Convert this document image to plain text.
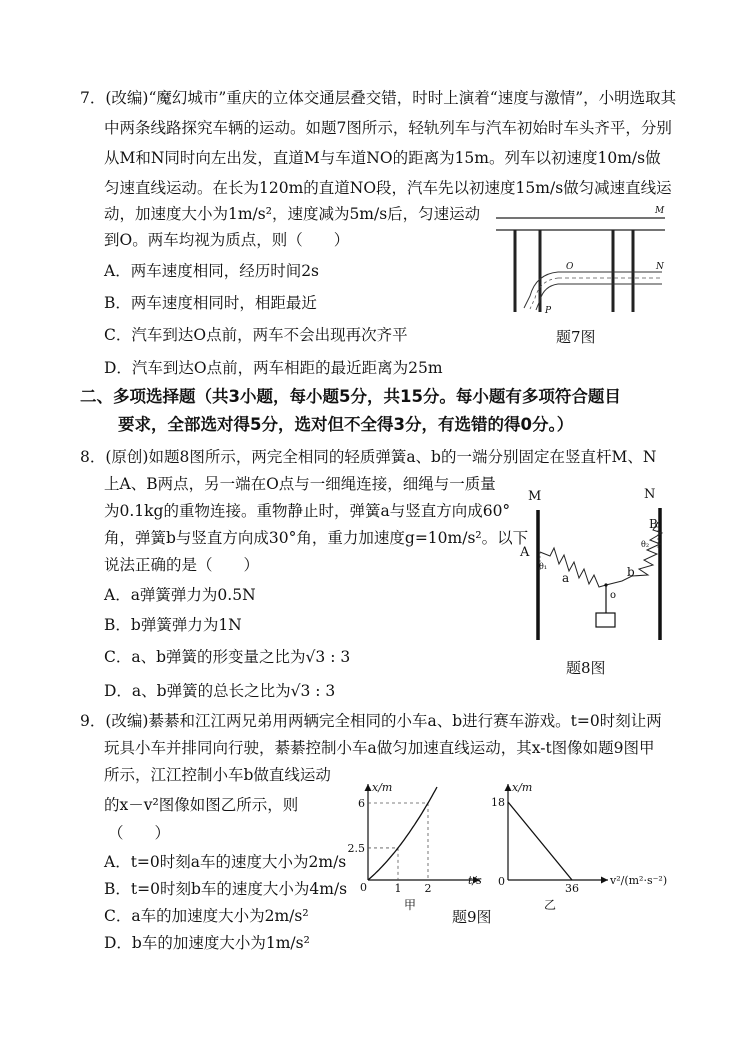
7．(改编)“魔幻城市”重庆的立体交通层叠交错，时时上演着“速度与激情”，小明选取其
中两条线路探究车辆的运动。如题7图所示，轻轨列车与汽车初始时车头齐平，分别
从M和N同时向左出发，直道M与车道NO的距离为15m。列车以初速度10m/s做
匀速直线运动。在长为120m的直道NO段，汽车先以初速度15m/s做匀减速直线运
动，加速度大小为1m/s²，速度减为5m/s后，匀速运动
到O。两车均视为质点，则（　　）
A．两车速度相同，经历时间2s
B．两车速度相同时，相距最近
C．汽车到达O点前，两车不会出现再次齐平
D．汽车到达O点前，两车相距的最近距离为25m
M
O	N
P
题7图
二、多项选择题（共3小题，每小题5分，共15分。每小题有多项符合题目
要求，全部选对得5分，选对但不全得3分，有选错的得0分。）
8．(原创)如题8图所示，两完全相同的轻质弹簧a、b的一端分别固定在竖直杆M、N
上A、B两点，另一端在O点与一细绳连接，细绳与一质量
为0.1kg的重物连接。重物静止时，弹簧a与竖直方向成60°
角，弹簧b与竖直方向成30°角，重力加速度g=10m/s²。以下
说法正确的是（　　）
A．a弹簧弹力为0.5N
B．b弹簧弹力为1N
C．a、b弹簧的形变量之比为√3 : 3
D．a、b弹簧的总长之比为√3 : 3
M	N
A
B
θ₁
θ₂
a	b
o
题8图
9．(改编)綦綦和江江两兄弟用两辆完全相同的小车a、b进行赛车游戏。t=0时刻让两
玩具小车并排同向行驶，綦綦控制小车a做匀加速直线运动，其x-t图像如题9图甲
所示，江江控制小车b做直线运动
的x－v²图像如图乙所示，则
（　　）
A．t=0时刻a车的速度大小为2m/s
B．t=0时刻b车的速度大小为4m/s
C．a车的加速度大小为2m/s²
D．b车的加速度大小为1m/s²
x/m
t/s
0	1 2
2.5
6
甲
题9图
x/m
v²/(m²·s⁻²)
0
36
18
乙
